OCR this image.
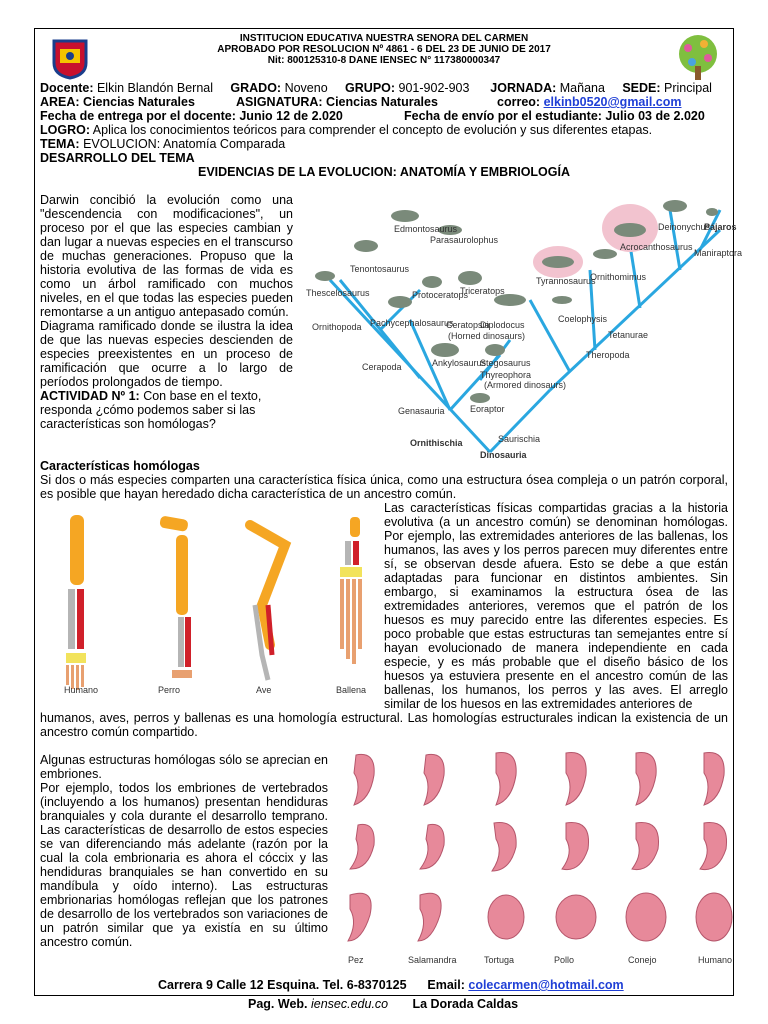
INSTITUCION EDUCATIVA NUESTRA SENORA DEL CARMEN
APROBADO POR RESOLUCION Nº 4861 - 6 DEL 23 DE JUNIO DE 2017
Nit: 800125310-8 DANE IENSEC N° 117380000347
Docente: Elkin Blandón Bernal GRADO: Noveno GRUPO: 901-902-903 JORNADA: Mañana SEDE: Principal
AREA: Ciencias Naturales	ASIGNATURA: Ciencias Naturales	correo: elkinb0520@gmail.com
Fecha de entrega por el docente: Junio 12 de 2.020	Fecha de envío por el estudiante: Julio 03 de 2.020
LOGRO: Aplica los conocimientos teóricos para comprender el concepto de evolución y sus diferentes etapas.
TEMA: EVOLUCION: Anatomía Comparada
DESARROLLO DEL TEMA
EVIDENCIAS DE LA EVOLUCION: ANATOMÍA Y EMBRIOLOGÍA
Darwin concibió la evolución como una "descendencia con modificaciones", un proceso por el que las especies cambian y dan lugar a nuevas especies en el transcurso de muchas generaciones. Propuso que la historia evolutiva de las formas de vida es como un árbol ramificado con muchos niveles, en el que todas las especies pueden remontarse a un antiguo antepasado común.
Diagrama ramificado donde se ilustra la idea de que las nuevas especies descienden de especies preexistentes en un proceso de ramificación que ocurre a lo largo de períodos prolongados de tiempo.
ACTIVIDAD Nº 1: Con base en el texto, responda ¿cómo podemos saber si las características son homólogas?
Edmontosaurus
Parasaurolophus
Tenontosaurus
Thescelosaurus	Protoceratops
Triceratops
Pachycephalosaurus
Ornithopoda	Ceratopsia
(Horned dinosaurs)
Diplodocus
Ankylosaurus
Stegosaurus
Thyreophora
(Armored dinosaurs)
Cerapoda
Genasauria	Eoraptor
Ornithischia	Saurischia
Dinosauria
Deinonychus
Pájaros
Acrocanthosaurus
Maniraptora
Tyrannosaurus
Ornithomimus
Coelophysis
Tetanurae
Theropoda
Características homólogas
Si dos o más especies comparten una característica física única, como una estructura ósea compleja o un patrón corporal, es posible que hayan heredado dicha característica de un ancestro común.
Humano	Perro	Ave	Ballena
Las características físicas compartidas gracias a la historia evolutiva (a un ancestro común) se denominan homólogas. Por ejemplo, las extremidades anteriores de las ballenas, los humanos, las aves y los perros parecen muy diferentes entre sí, se observan desde afuera. Esto se debe a que están adaptadas para funcionar en distintos ambientes. Sin embargo, si examinamos la estructura ósea de las extremidades anteriores, veremos que el patrón de los huesos es muy parecido entre las diferentes especies. Es poco probable que estas estructuras tan semejantes entre sí hayan evolucionado de manera independiente en cada especie, y es más probable que el diseño básico de los huesos ya estuviera presente en el ancestro común de las ballenas, los humanos, los perros y las aves. El arreglo similar de los huesos en las extremidades anteriores de
humanos, aves, perros y ballenas es una homología estructural. Las homologías estructurales indican la existencia de un ancestro común compartido.
Algunas estructuras homólogas sólo se aprecian en embriones.
Por ejemplo, todos los embriones de vertebrados (incluyendo a los humanos) presentan hendiduras branquiales y cola durante el desarrollo temprano. Las características de desarrollo de estos especies se van diferenciando más adelante (razón por la cual la cola embrionaria es ahora el cóccix y las hendiduras branquiales se han convertido en su mandíbula y oído interno). Las estructuras embrionarias homólogas reflejan que los patrones de desarrollo de los vertebrados son variaciones de un patrón similar que ya existía en su último ancestro común.
Pez	Salamandra	Tortuga	Pollo	Conejo	Humano
Carrera 9 Calle 12 Esquina. Tel. 6-8370125 Email: colecarmen@hotmail.com
Pag. Web. iensec.edu.co La Dorada Caldas
